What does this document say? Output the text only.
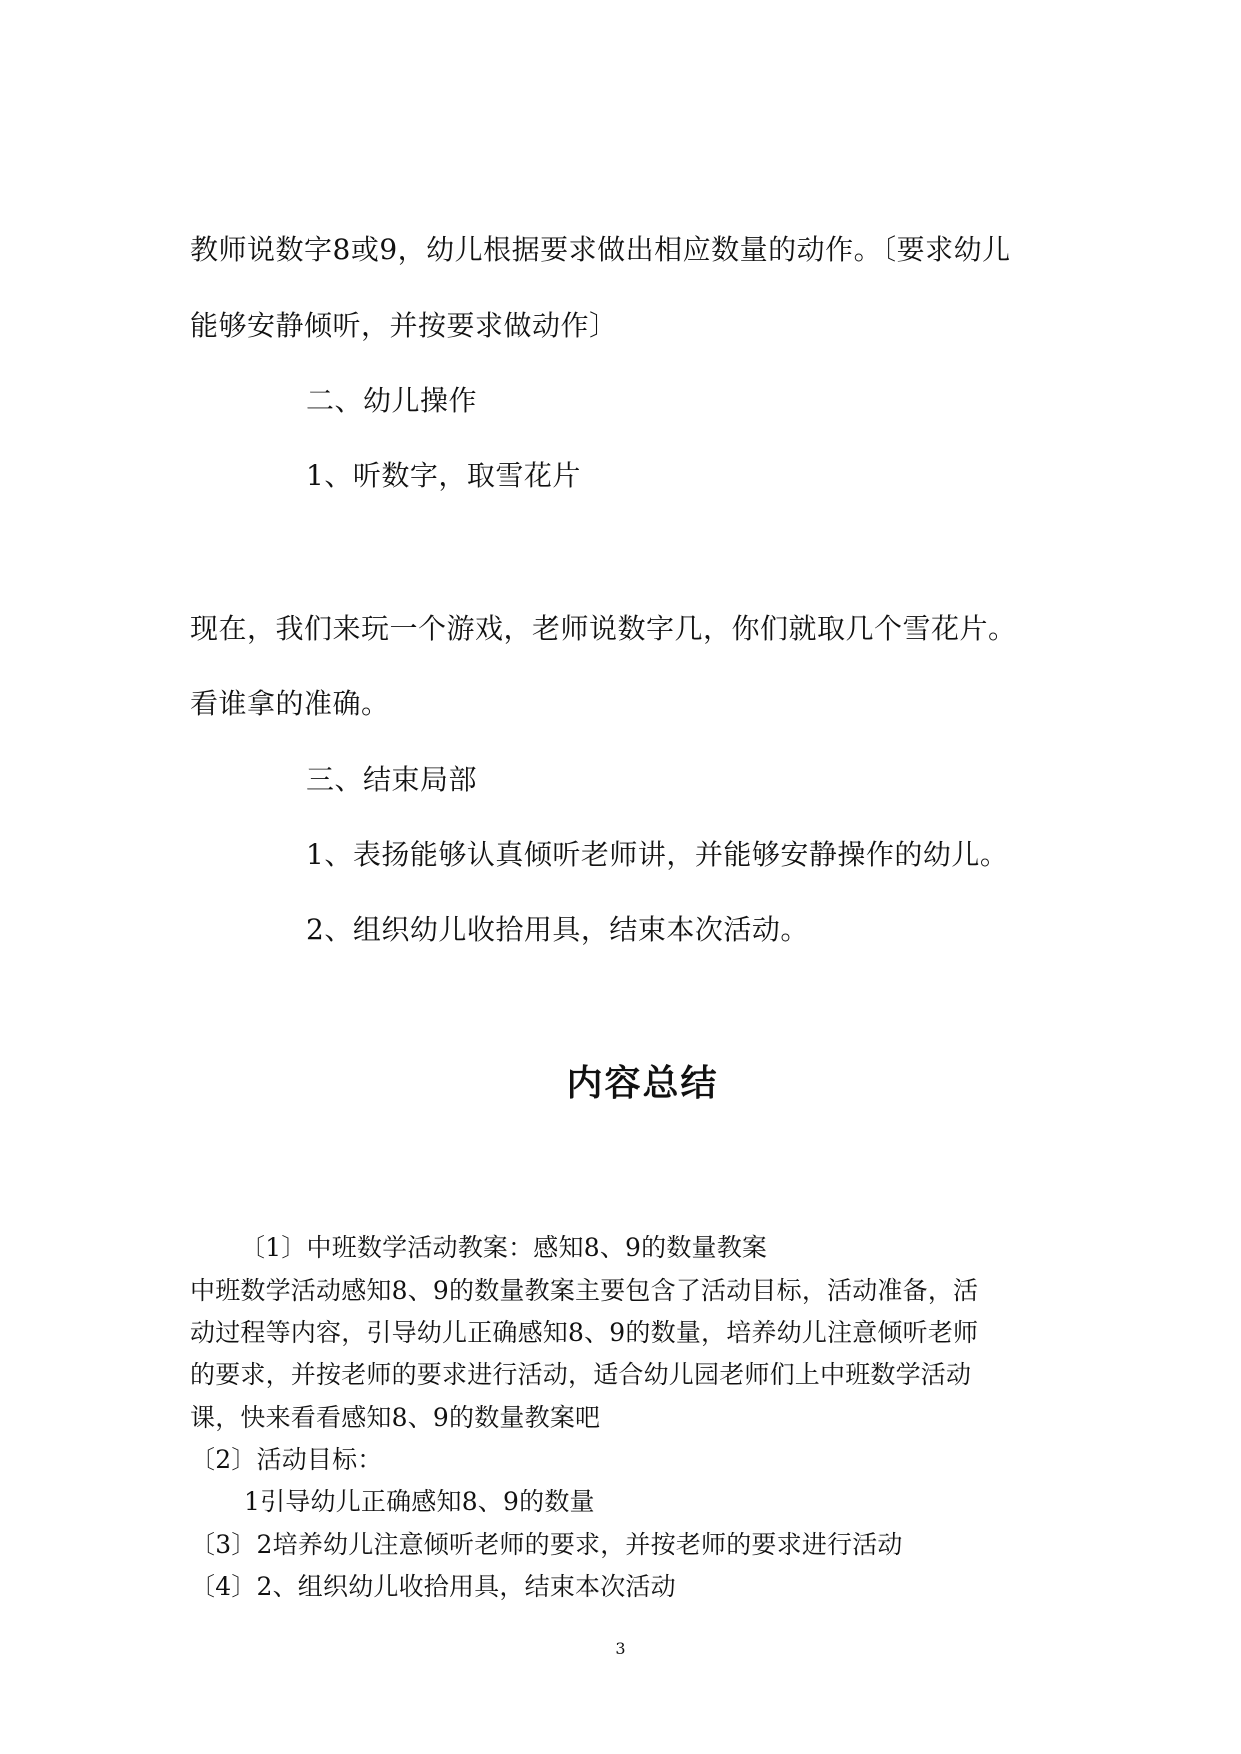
教师说数字8或9，幼儿根据要求做出相应数量的动作。〔要求幼儿
能够安静倾听，并按要求做动作〕
二、幼儿操作
1、听数字，取雪花片
现在，我们来玩一个游戏，老师说数字几，你们就取几个雪花片。
看谁拿的准确。
三、结束局部
1、表扬能够认真倾听老师讲，并能够安静操作的幼儿。
2、组织幼儿收拾用具，结束本次活动。
内容总结
〔1〕中班数学活动教案：感知8、9的数量教案
中班数学活动感知8、9的数量教案主要包含了活动目标，活动准备，活
动过程等内容，引导幼儿正确感知8、9的数量，培养幼儿注意倾听老师
的要求，并按老师的要求进行活动，适合幼儿园老师们上中班数学活动
课，快来看看感知8、9的数量教案吧
〔2〕活动目标：
1引导幼儿正确感知8、9的数量
〔3〕2培养幼儿注意倾听老师的要求，并按老师的要求进行活动
〔4〕2、组织幼儿收拾用具，结束本次活动
3
